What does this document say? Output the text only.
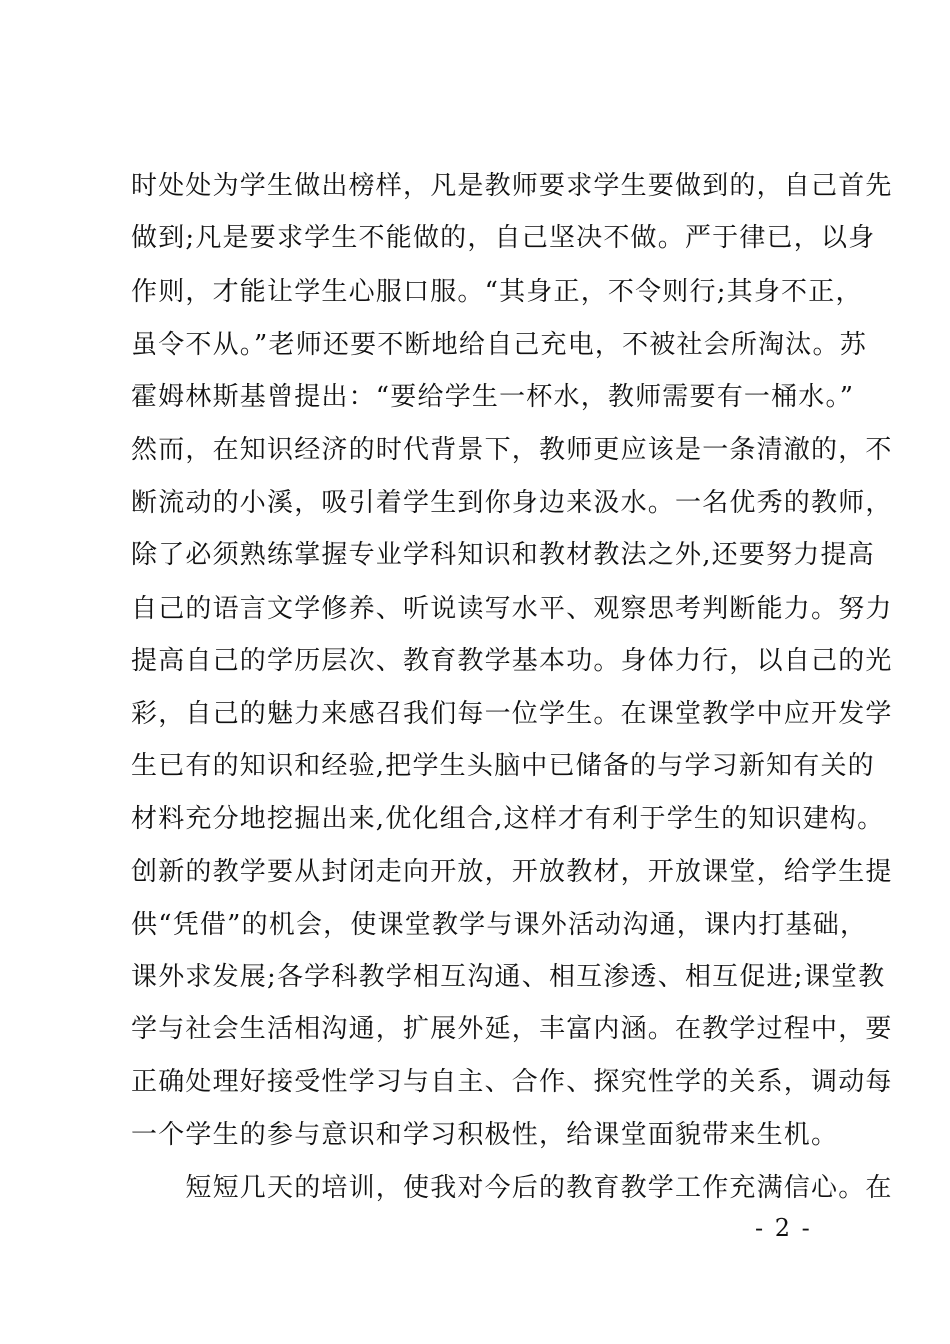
时处处为学生做出榜样，凡是教师要求学生要做到的，自己首先
做到;凡是要求学生不能做的，自己坚决不做。严于律已，以身
作则，才能让学生心服口服。“其身正，不令则行;其身不正，
虽令不从。”老师还要不断地给自己充电，不被社会所淘汰。苏
霍姆林斯基曾提出：“要给学生一杯水，教师需要有一桶水。”
然而，在知识经济的时代背景下，教师更应该是一条清澈的，不
断流动的小溪，吸引着学生到你身边来汲水。一名优秀的教师，
除了必须熟练掌握专业学科知识和教材教法之外,还要努力提高
自己的语言文学修养、听说读写水平、观察思考判断能力。努力
提高自己的学历层次、教育教学基本功。身体力行，以自己的光
彩，自己的魅力来感召我们每一位学生。在课堂教学中应开发学
生已有的知识和经验,把学生头脑中已储备的与学习新知有关的
材料充分地挖掘出来,优化组合,这样才有利于学生的知识建构。
创新的教学要从封闭走向开放，开放教材，开放课堂，给学生提
供“凭借”的机会，使课堂教学与课外活动沟通，课内打基础，
课外求发展;各学科教学相互沟通、相互渗透、相互促进;课堂教
学与社会生活相沟通，扩展外延，丰富内涵。在教学过程中，要
正确处理好接受性学习与自主、合作、探究性学的关系，调动每
一个学生的参与意识和学习积极性，给课堂面貌带来生机。
　　短短几天的培训，使我对今后的教育教学工作充满信心。在
- 2 -
